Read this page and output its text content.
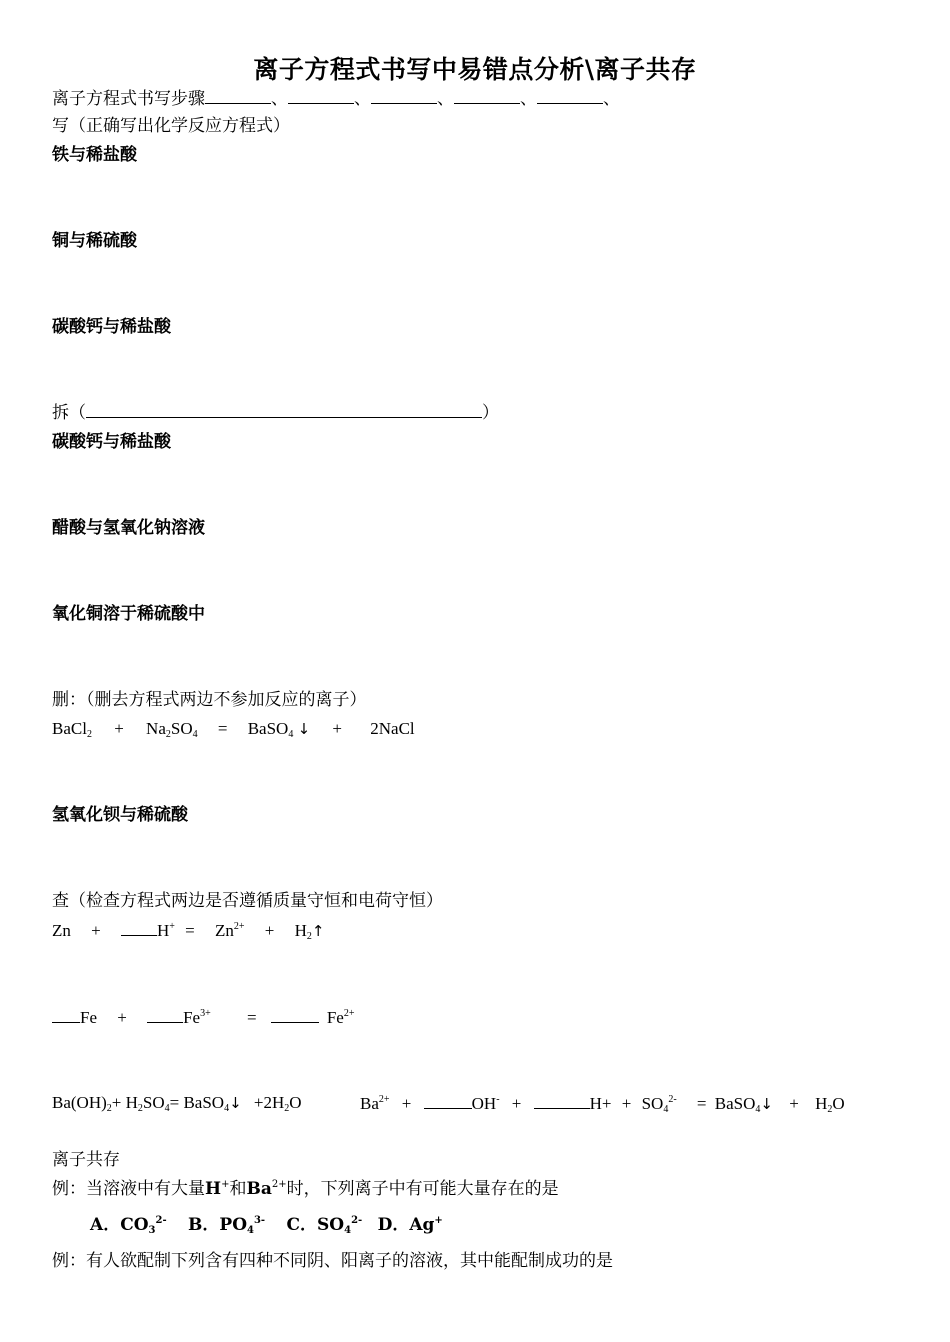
离子方程式书写中易错点分析\离子共存
离子方程式书写步骤	、	、	、	、	、
写（正确写出化学反应方程式）
铁与稀盐酸
铜与稀硫酸
碳酸钙与稀盐酸
拆（	）
碳酸钙与稀盐酸
醋酸与氢氧化钠溶液
氧化铜溶于稀硫酸中
删：（删去方程式两边不参加反应的离子）
BaCl$_2$ + $Na_2SO_4$ = BaSO$_4$ ↓ + 2NaCl
氢氧化钡与稀硫酸
查（检查方程式两边是否遵循质量守恒和电荷守恒）
Zn +	$H^+ = Zn^{2+}$ + $H_2↑$
Fe +	$Fe^{3+}$ =	$Fe^{2+}$
$Ba(OH)_2+ H_2SO_4=$ BaSO$_4$↓ $+2H_2O$	$Ba^{2+}$ +	OH- +	$H+ + SO_4^{2-}$ = BaSO$_4$↓ + $H_2O$
离子共存
例：当溶液中有大量H+和$Ba^{2+}$时，下列离子中有可能大量存在的是
A．$CO_3^{2-}$ B．$PO_4^{3-}$ C．$SO_4^{2-}$ D．Ag+
例：有人欲配制下列含有四种不同阴、阳离子的溶液，其中能配制成功的是
